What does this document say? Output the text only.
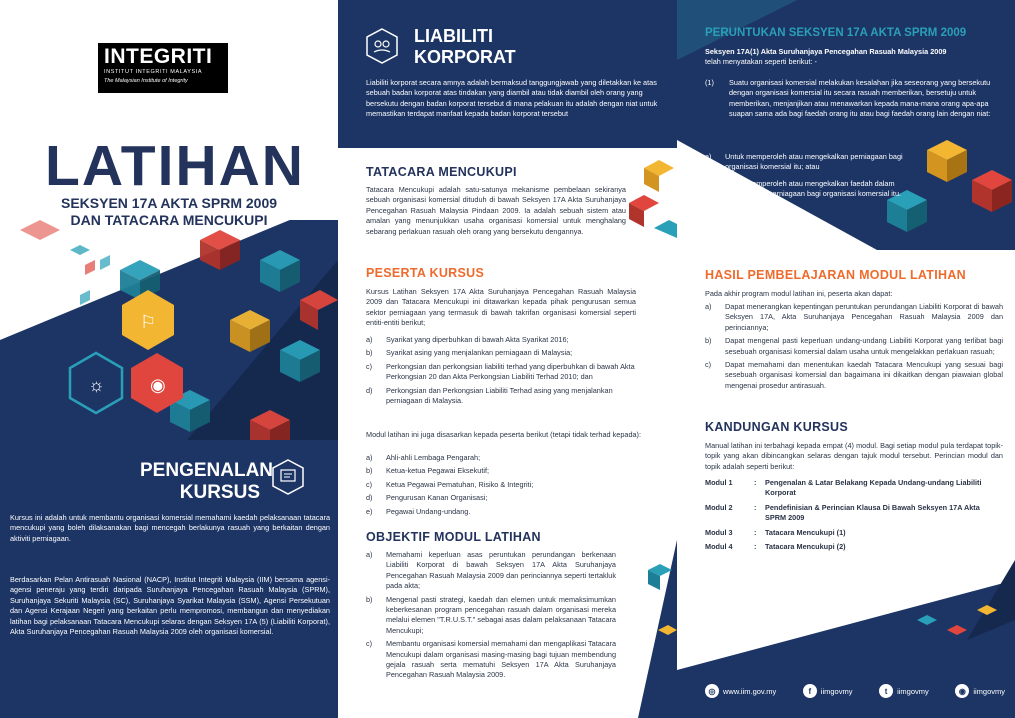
INTEGRITI
INSTITUT INTEGRITI MALAYSIA
The Malaysian Institute of Integrity
LATIHAN
SEKSYEN 17A AKTA SPRM 2009
DAN TATACARA MENCUKUPI
⚐
☼	◉
PENGENALAN
KURSUS
Kursus ini adalah untuk membantu organisasi komersial memahami kaedah pelaksanaan tatacara mencukupi yang boleh dilaksanakan bagi mencegah berlakunya rasuah yang berkaitan dengan aktiviti perniagaan.
Berdasarkan Pelan Antirasuah Nasional (NACP), Institut Integriti Malaysia (IIM) bersama agensi-agensi peneraju yang terdiri daripada Suruhanjaya Pencegahan Rasuah Malaysia (SPRM), Suruhanjaya Sekuriti Malaysia (SC), Suruhanjaya Syarikat Malaysia (SSM), Agensi Persekutuan dan Agensi Kerajaan Negeri yang berkaitan perlu mempromosi, membangun dan menyediakan latihan bagi pelaksanaan Tatacara Mencukupi selaras dengan Seksyen 17A (5) (Liabiliti Korporat), Akta Suruhanjaya Pencegahan Rasuah Malaysia 2009 oleh organisasi komersial.
LIABILITI
KORPORAT
Liabiliti korporat secara amnya adalah bermaksud tanggungjawab yang diletakkan ke atas sebuah badan korporat atas tindakan yang diambil atau tidak diambil oleh orang yang bersekutu dengan badan korporat tersebut di mana pelakuan itu adalah dengan niat untuk memastikan terdapat manfaat kepada badan korporat tersebut
TATACARA MENCUKUPI
Tatacara Mencukupi adalah satu-satunya mekanisme pembelaan sekiranya sebuah organisasi komersial dituduh di bawah Seksyen 17A Akta Suruhanjaya Pencegahan Rasuah Malaysia Pindaan 2009. Ia adalah sebuah sistem atau amalan yang menunjukkan usaha organisasi komersial untuk menghalang sebarang perlakuan rasuah oleh orang yang bersekutu dengannya.
PESERTA KURSUS
Kursus Latihan Seksyen 17A Akta Suruhanjaya Pencegahan Rasuah Malaysia 2009 dan Tatacara Mencukupi ini ditawarkan kepada pihak pengurusan semua sektor perniagaan yang termasuk di bawah takrifan organisasi komersial seperti entiti-entiti berikut;
a)	Syarikat yang diperbuhkan di bawah Akta Syarikat 2016;
b)	Syarikat asing yang menjalankan perniagaan di Malaysia;
c)	Perkongsian dan perkongsian liabiliti terhad yang diperbuhkan di bawah Akta Perkongsian 20 dan Akta Perkongsian Liabiliti Terhad 2010; dan
d)	Perkongsian dan Perkongsian Liabiliti Terhad asing yang menjalankan perniagaan di Malaysia.
Modul latihan ini juga disasarkan kepada peserta berikut (tetapi tidak terhad kepada):
a)	Ahli-ahli Lembaga Pengarah;
b)	Ketua-ketua Pegawai Eksekutif;
c)	Ketua Pegawai Pematuhan, Risiko & Integriti;
d)	Pengurusan Kanan Organisasi;
e)	Pegawai Undang-undang.
OBJEKTIF MODUL LATIHAN
a)	Memahami keperluan asas peruntukan perundangan berkenaan Liabiliti Korporat di bawah Seksyen 17A Akta Suruhanjaya Pencegahan Rasuah Malaysia 2009 dan perinciannya seperti tertakluk pada akta;
b)	Mengenal pasti strategi, kaedah dan elemen untuk memaksimumkan keberkesanan program pencegahan rasuah dalam organisasi mereka melalui elemen "T.R.U.S.T." sebagai asas dalam pelaksanaan Tatacara Mencukupi;
c)	Membantu organisasi komersial memahami dan mengaplikasi Tatacara Mencukupi dalam organisasi masing-masing bagi tujuan membendung gejala rasuah serta mematuhi Seksyen 17A Akta Suruhanjaya Pencegahan Rasuah Malaysia 2009.
PERUNTUKAN SEKSYEN 17A AKTA SPRM 2009
Seksyen 17A(1) Akta Suruhanjaya Pencegahan Rasuah Malaysia 2009
telah menyatakan seperti berikut: -
(1)	Suatu organisasi komersial melakukan kesalahan jika seseorang yang bersekutu dengan organisasi komersial itu secara rasuah memberikan, bersetuju untuk memberikan, menjanjikan atau menawarkan kepada mana-mana orang apa-apa suapan sama ada bagi faedah orang itu atau bagi faedah orang lain dengan niat:
a)	Untuk memperoleh atau mengekalkan perniagaan bagi organisasi komersial itu; atau
b)	Untuk memperoleh atau mengekalkan faedah dalam menjalankan perniagaan bagi organisasi komersial itu.
HASIL PEMBELAJARAN MODUL LATIHAN
Pada akhir program modul latihan ini, peserta akan dapat:
a)	Dapat menerangkan kepentingan peruntukan perundangan Liabiliti Korporat di bawah Seksyen 17A, Akta Suruhanjaya Pencegahan Rasuah Malaysia 2009 dan perinciannya;
b)	Dapat mengenal pasti keperluan undang-undang Liabiliti Korporat yang terlibat bagi sesebuah organisasi komersial dalam usaha untuk mengelakkan perlakuan rasuah;
c)	Dapat memahami dan menentukan kaedah Tatacara Mencukupi yang sesuai bagi sesebuah organisasi komersial dan bagaimana ini dikaitkan dengan piawaian global mengenai prosedur antirasuah.
KANDUNGAN KURSUS
Manual latihan ini terbahagi kepada empat (4) modul. Bagi setiap modul pula terdapat topik-topik yang akan dibincangkan selaras dengan tajuk modul tersebut. Perincian modul dan topik adalah seperti berikut:
Modul 1	:	Pengenalan & Latar Belakang Kepada Undang-undang Liabiliti Korporat
Modul 2	:	Pendefinisian & Perincian Klausa Di Bawah Seksyen 17A Akta SPRM 2009
Modul 3	:	Tatacara Mencukupi (1)
Modul 4	:	Tatacara Mencukupi (2)
◎	www.iim.gov.my	f	iimgovmy	t	iimgovmy	◉	iimgovmy
